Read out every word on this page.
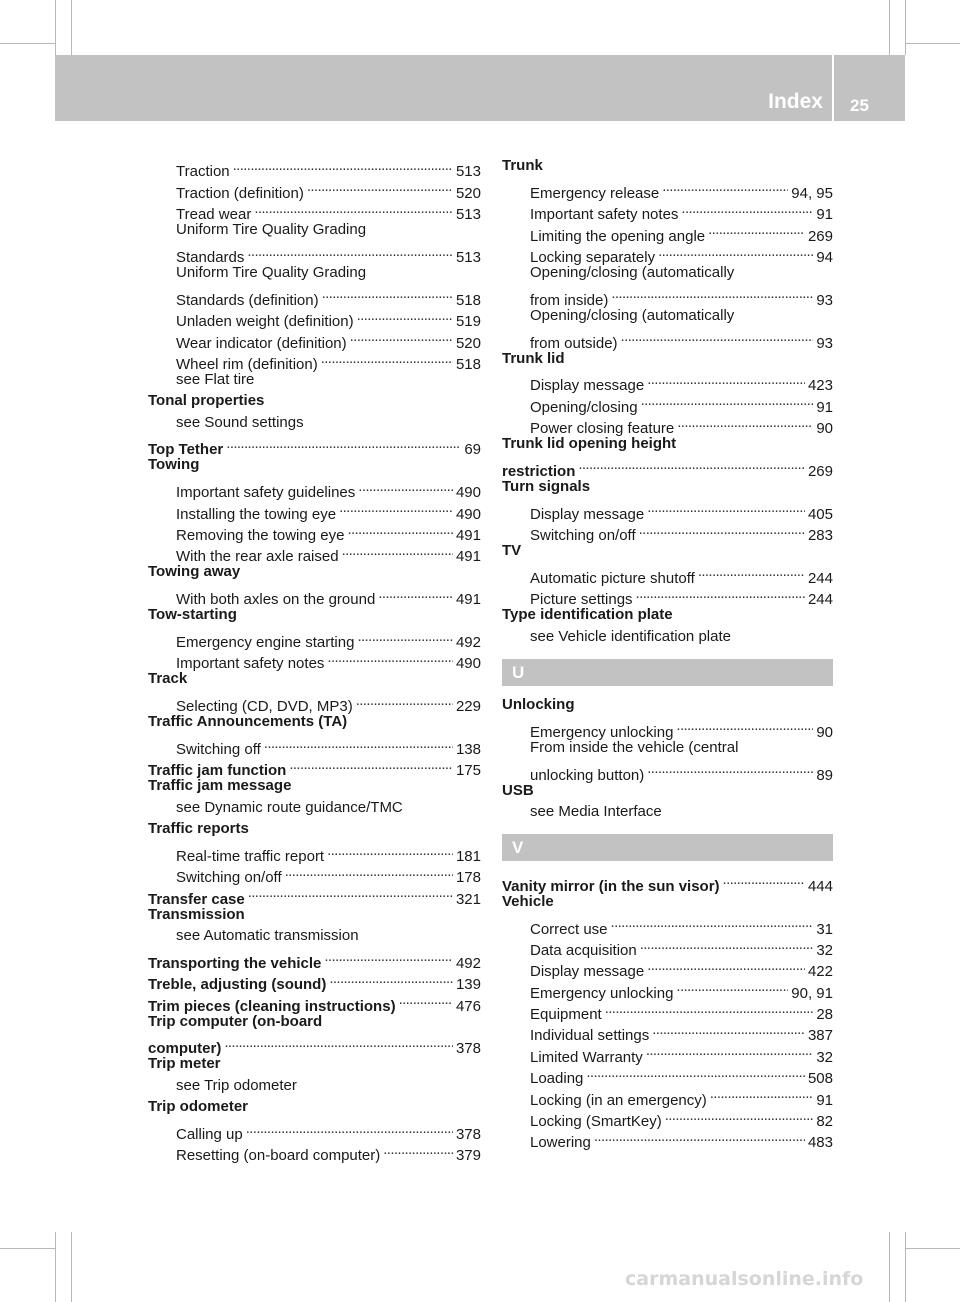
Index 25
Traction . . .	513
Traction (definition) . . .	520
Tread wear . . .	513
Uniform Tire Quality Grading
Standards . . .	513
Uniform Tire Quality Grading
Standards (definition) . . .	518
Unladen weight (definition) . . .	519
Wear indicator (definition) . . .	520
Wheel rim (definition) . . .	518
see Flat tire
Tonal properties
see Sound settings
Top Tether . . .	69
Towing
Important safety guidelines . . .	490
Installing the towing eye . . .	490
Removing the towing eye . . .	491
With the rear axle raised . . .	491
Towing away
With both axles on the ground . . .	491
Tow-starting
Emergency engine starting . . .	492
Important safety notes . . .	490
Track
Selecting (CD, DVD, MP3) . . .	229
Traffic Announcements (TA)
Switching off . . .	138
Traffic jam function . . .	175
Traffic jam message
see Dynamic route guidance/TMC
Traffic reports
Real-time traffic report . . .	181
Switching on/off . . .	178
Transfer case . . .	321
Transmission
see Automatic transmission
Transporting the vehicle . . .	492
Treble, adjusting (sound) . . .	139
Trim pieces (cleaning instructions) . . .	476
Trip computer (on-board
computer) . . .	378
Trip meter
see Trip odometer
Trip odometer
Calling up . . .	378
Resetting (on-board computer) . . .	379
Trunk
Emergency release . . .	94, 95
Important safety notes . . .	91
Limiting the opening angle . . .	269
Locking separately . . .	94
Opening/closing (automatically
from inside) . . .	93
Opening/closing (automatically
from outside) . . .	93
Trunk lid
Display message . . .	423
Opening/closing . . .	91
Power closing feature . . .	90
Trunk lid opening height
restriction . . .	269
Turn signals
Display message . . .	405
Switching on/off . . .	283
TV
Automatic picture shutoff . . .	244
Picture settings . . .	244
Type identification plate
see Vehicle identification plate
U
Unlocking
Emergency unlocking . . .	90
From inside the vehicle (central
unlocking button) . . .	89
USB
see Media Interface
V
Vanity mirror (in the sun visor) . . .	444
Vehicle
Correct use . . .	31
Data acquisition . . .	32
Display message . . .	422
Emergency unlocking . . .	90, 91
Equipment . . .	28
Individual settings . . .	387
Limited Warranty . . .	32
Loading . . .	508
Locking (in an emergency) . . .	91
Locking (SmartKey) . . .	82
Lowering . . .	483
carmanualsonline.info
